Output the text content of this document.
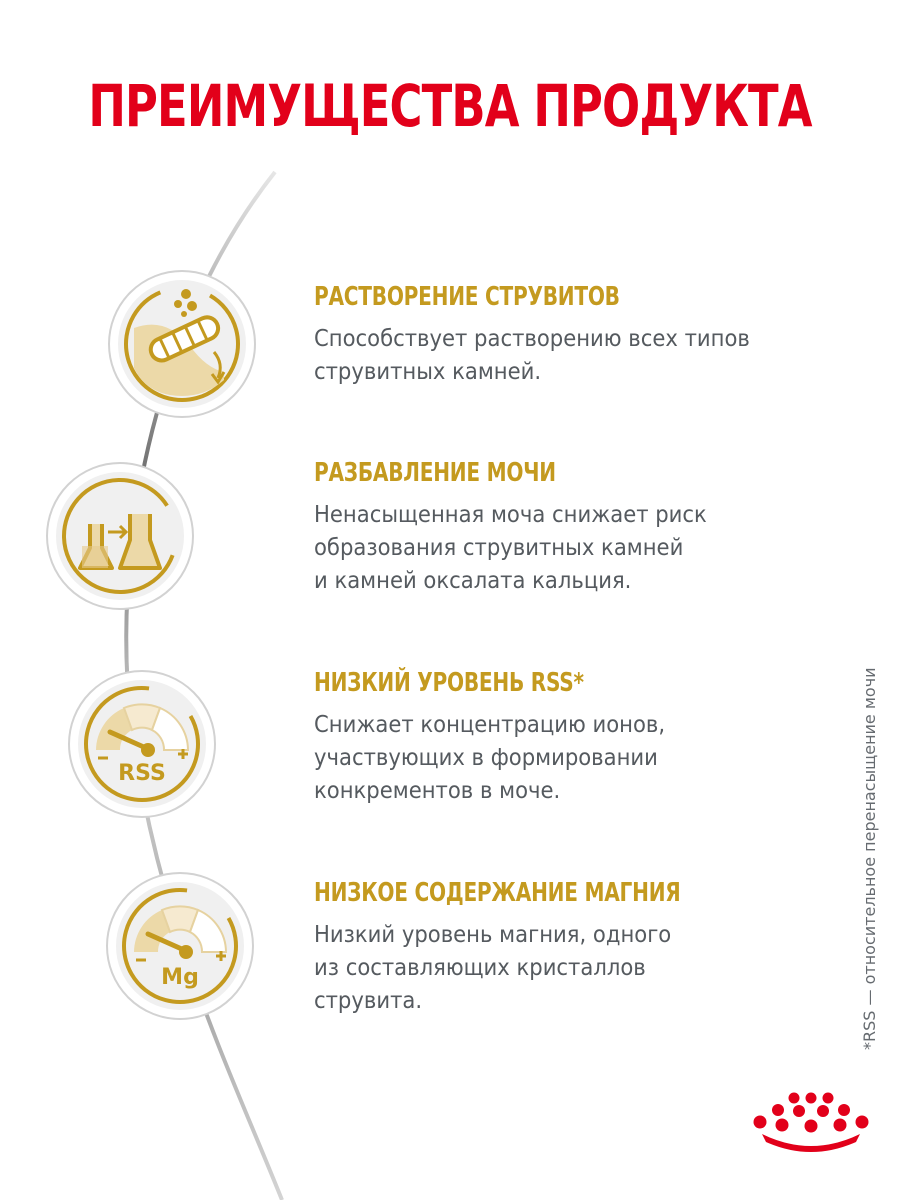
ПРЕИМУЩЕСТВА ПРОДУКТА
RSS
Mg
РАСТВОРЕНИЕ СТРУВИТОВ
Способствует растворению всех типов
струвитных камней.
РАЗБАВЛЕНИЕ МОЧИ
Ненасыщенная моча снижает риск
образования струвитных камней
и камней оксалата кальция.
НИЗКИЙ УРОВЕНЬ RSS*
Снижает концентрацию ионов,
участвующих в формировании
конкрементов в моче.
НИЗКОЕ СОДЕРЖАНИЕ МАГНИЯ
Низкий уровень магния, одного
из составляющих кристаллов
струвита.	*RSS — относительное перенасыщение мочи
